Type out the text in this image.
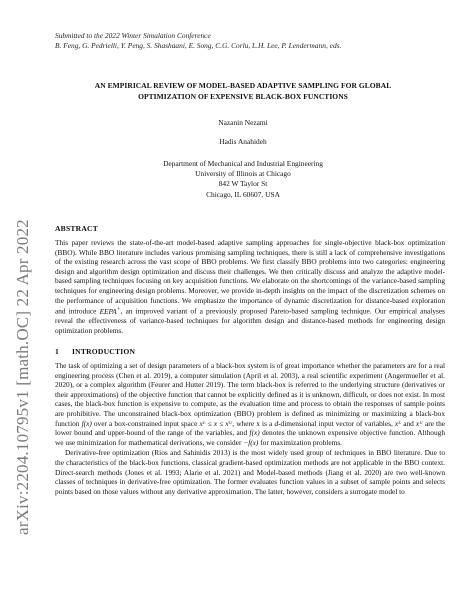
arXiv:2204.10795v1 [math.OC] 22 Apr 2022
Submitted to the 2022 Winter Simulation Conference
B. Feng, G. Pedrielli, Y. Peng, S. Shashaani, E. Song, C.G. Corlu, L.H. Lee, P. Lendermann, eds.
AN EMPIRICAL REVIEW OF MODEL-BASED ADAPTIVE SAMPLING FOR GLOBAL
OPTIMIZATION OF EXPENSIVE BLACK-BOX FUNCTIONS

Nazanin Nezami

Hadis Anahideh

Department of Mechanical and Industrial Engineering
University of Illinois at Chicago
842 W Taylor St
Chicago, IL 60607, USA
ABSTRACT
This paper reviews the state-of-the-art model-based adaptive sampling approaches for single-objective black-box optimization (BBO). While BBO literature includes various promising sampling techniques, there is still a lack of comprehensive investigations of the existing research across the vast scope of BBO problems. We first classify BBO problems into two categories: engineering design and algorithm design optimization and discuss their challenges. We then critically discuss and analyze the adaptive model-based sampling techniques focusing on key acquisition functions. We elaborate on the shortcomings of the variance-based sampling techniques for engineering design problems. Moreover, we provide in-depth insights on the impact of the discretization schemes on the performance of acquisition functions. We emphasize the importance of dynamic discretization for distance-based exploration and introduce EEPA+, an improved variant of a previously proposed Pareto-based sampling technique. Our empirical analyses reveal the effectiveness of variance-based techniques for algorithm design and distance-based methods for engineering design optimization problems.
1 INTRODUCTION

The task of optimizing a set of design parameters of a black-box system is of great importance whether the parameters are for a real engineering process (Chen et al. 2019), a computer simulation (April et al. 2003), a real scientific experiment (Angermueller et al. 2020), or a complex algorithm (Feurer and Hutter 2019). The term black-box is referred to the underlying structure (derivatives or their approximations) of the objective function that cannot be explicitly defined as it is unknown, difficult, or does not exist. In most cases, the black-box function is expensive to compute, as the evaluation time and process to obtain the responses of sample points are prohibitive. The unconstrained black-box optimization (BBO) problem is defined as minimizing or maximizing a black-box function f(x) over a box-constrained input space xᴸ ≤ x ≤ xᵁ, where x is a d-dimensional input vector of variables, xᴸ and xᵁ are the lower bound and upper-bound of the range of the variables, and f(x) denotes the unknown expensive objective function. Although we use minimization for mathematical derivations, we consider −f(x) for maximization problems.

Derivative-free optimization (Rios and Sahinidis 2013) is the most widely used group of techniques in BBO literature. Due to the characteristics of the black-box functions, classical gradient-based optimization methods are not applicable in the BBO context. Direct-search methods (Jones et al. 1993; Alarie et al. 2021) and Model-based methods (Jiang et al. 2020) are two well-known classes of techniques in derivative-free optimization. The former evaluates function values in a subset of sample points and selects points based on those values without any derivative approximation. The latter, however, considers a surrogate model to
